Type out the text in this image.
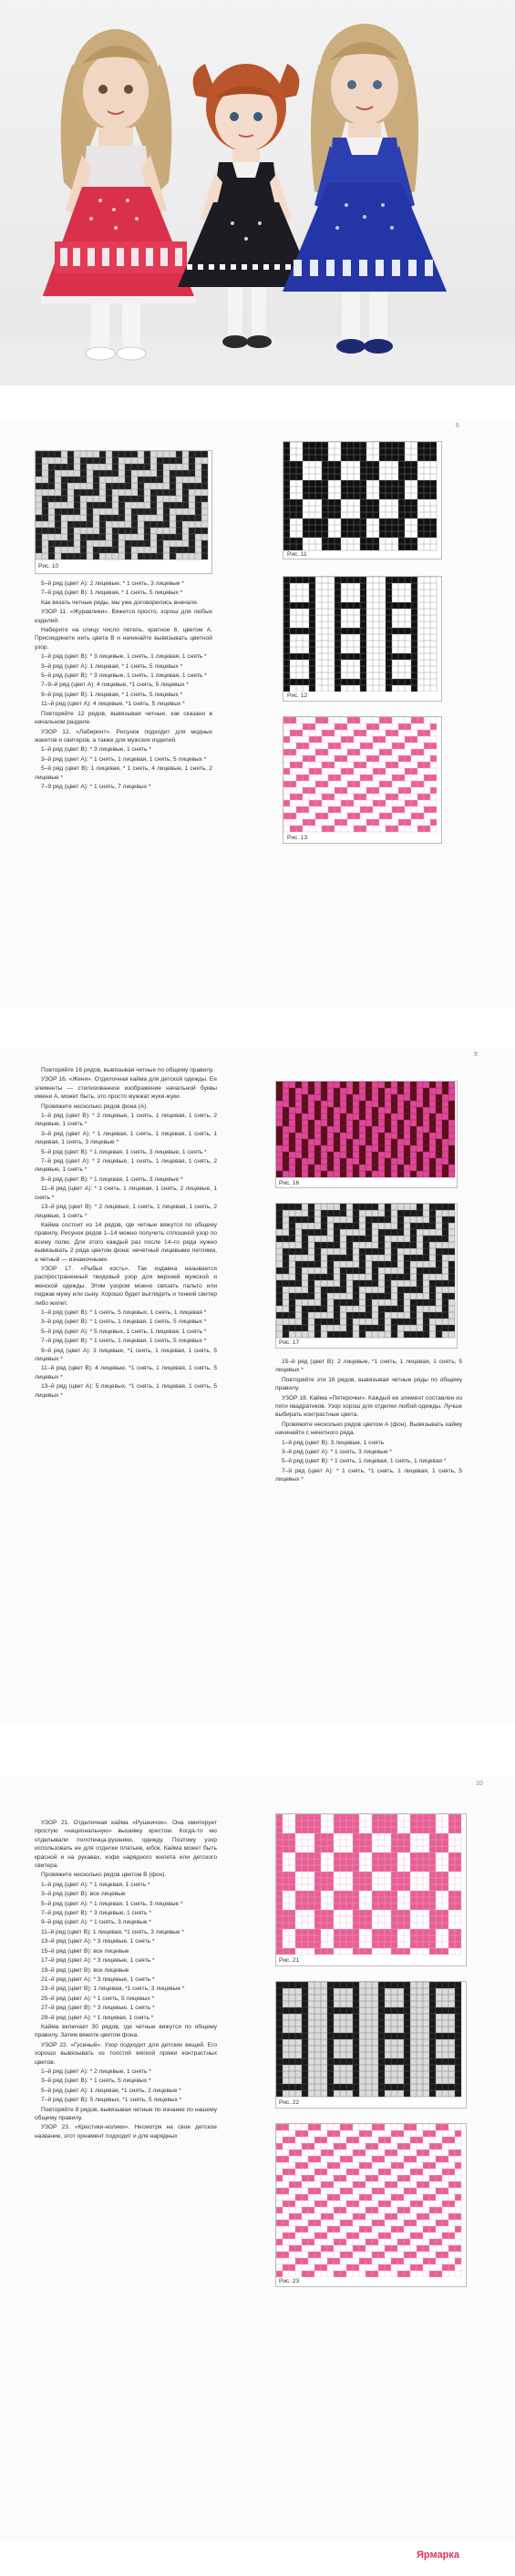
6
Рис. 10

5–й ряд (цвет А): 2 лицевые, * 1 снять, 3 лицевые *

7–й ряд (цвет В): 1 лицевая, * 1 снять, 5 лицевых *

Как вязать четные ряды, мы уже договорились вначале.

УЗОР 11. «Журавлики». Вяжется просто, хорош для любых изделий.

Наберите на спицу число петель, кратное 6, цветом А. Присоедините нить цвета В и начинайте вывязывать цветной узор.

1–й ряд (цвет В): * 3 лицевые, 1 снять, 1 лицевая, 1 снять *

3–й ряд (цвет А): 1 лицевая, * 1 снять, 5 лицевых *

5–й ряд (цвет В): * 3 лицевые, 1 снять, 1 лицевая, 1 снять *

7–9–й ряд (цвет А): 4 лицевые, *1 снять, 5 лицевых *

9–й ряд (цвет В): 1 лицевая, * 1 снять, 5 лицевых *

11–й ряд (цвет А): 4 лицевые, *1 снять, 5 лицевых *

Повторяйте 12 рядов, вывязывая четные, как сказано в начальном разделе.

УЗОР 12. «Лабиринт». Рисунок подходит для модных жакетов и свитеров, а также для мужских изделий.

1–й ряд (цвет В): * 3 лицевые, 1 снять *

3–й ряд (цвет А): * 1 снять, 1 лицевая, 1 снять, 5 лицевых *

5–й ряд (цвет В): 1 лицевая, * 1 снять, 4 лицевые, 1 снять, 2 лицевые *

7–9 ряд (цвет А): * 1 снять, 7 лицевых *

Рис. 11
Рис. 12
Рис. 13
9

Повторяйте 16 рядов, вывязывая четные по общему правилу.

УЗОР 16. «Женя». Отделочная кайма для детской одежды. Ее элементы — стилизованное изображение начальной буквы имени А, может быть, это просто жужжат жуки-жуки.

Провяжите несколько рядов фона (А).

1–й ряд (цвет В): * 2 лицевые, 1 снять, 1 лицевая, 1 снять, 2 лицевые, 1 снять *

3–й ряд (цвет А): * 1 лицевая, 1 снять, 1 лицевая, 1 снять, 1 лицевая, 1 снять, 3 лицевые *

5–й ряд (цвет В): * 1 лицевая, 1 снять, 3 лицевые, 1 снять *

7–й ряд (цвет А): * 2 лицевые, 1 снять, 1 лицевая, 1 снять, 2 лицевые, 1 снять *

9–й ряд (цвет В): * 1 лицевая, 1 снять, 3 лицевые *

11–й ряд (цвет А): * 1 снять, 1 лицевая, 1 снять, 2 лицевые, 1 снять *

13–й ряд (цвет В): * 2 лицевые, 1 снять, 1 лицевая, 1 снять, 2 лицевые, 1 снять *

Кайма состоит из 14 рядов, где четные вяжутся по общему правилу. Рисунок рядов 1–14 можно получить сплошной узор по всему полю. Для этого каждый раз после 14–го ряда нужно вывязывать 2 ряда цветом фона: нечетный лицевыми петлями, а четный — изнаночными.

УЗОР 17. «Рыбья кость». Так издавна называется распространенный твидовый узор для верхней мужской и женской одежды. Этим узором можно связать пальто или пиджак мужу или сыну. Хорошо будет выглядеть и тонкий свитер либо жилет.

1–й ряд (цвет В): * 1 снять, 5 лицевых, 1 снять, 1 лицевая *

3–й ряд (цвет В): * 1 снять, 1 лицевая, 1 снять, 5 лицевых *

5–й ряд (цвет А): * 5 лицевых, 1 снять, 1 лицевая, 1 снять *

7–й ряд (цвет В): * 1 снять, 1 лицевая, 1 снять, 5 лицевых *

9–й ряд (цвет А): 3 лицевые, *1 снять, 1 лицевая, 1 снять, 5 лицевых *

11–й ряд (цвет В): 4 лицевые, *1 снять, 1 лицевая, 1 снять, 5 лицевых *

13–й ряд (цвет А): 5 лицевых, *1 снять, 1 лицевая, 1 снять, 5 лицевых *

Рис. 16
Рис. 17

15–й ряд (цвет В): 2 лицевые, *1 снять, 1 лицевая, 1 снять, 5 лицевых *

Повторяйте эти 16 рядов, вывязывая четные ряды по общему правилу.

УЗОР 18. Кайма «Пятерочки». Каждый ее элемент составлен из пяти квадратиков. Узор хорош для отделки любой одежды. Лучше выбирать контрастные цвета.

Провяжите несколько рядов цветом А (фон). Вывязывать кайму начинайте с нечетного ряда.

1–й ряд (цвет В): 3 лицевые, 1 снять

3–й ряд (цвет А): * 1 снять, 3 лицевые *

5–й ряд (цвет В): * 1 снять, 1 лицевая, 1 снять, 1 лицевая *

7–й ряд (цвет А): * 1 снять, *1 снять, 1 лицевая, 1 снять, 5 лицевых *

10

УЗОР 21. Отделочная кайма «Рушничок». Она имитирует простую «национальную» вышивку крестом. Когда-то ею отделывали полотенца-рушники, одежду. Поэтому узор использовать ее для отделки платьев, юбок. Кайма может быть красной и на рукавах, кофе нарядного жилета или детского свитера.

Провяжите несколько рядов цветом В (фон).

1–й ряд (цвет А): * 1 лицевая, 1 снять *

3–й ряд (цвет В): все лицевые

5–й ряд (цвет А): * 1 лицевая, 1 снять, 3 лицевые *

7–й ряд (цвет В): * 3 лицевые, 1 снять *

9–й ряд (цвет А): * 1 снять, 3 лицевые *

11–й ряд (цвет В): 1 лицевая, *1 снять, 3 лицевые *

13–й ряд (цвет А): * 3 лицевые, 1 снять *

15–й ряд (цвет В): все лицевые

17–й ряд (цвет А): * 3 лицевые, 1 снять *

19–й ряд (цвет В): все лицевые

21–й ряд (цвет А): * 3 лицевые, 1 снять *

23–й ряд (цвет В): 1 лицевая, *1 снять, 3 лицевые *

25–й ряд (цвет А): * 1 снять, 5 лицевых *

27–й ряд (цвет В): * 3 лицевые, 1 снять *

29–й ряд (цвет А): * 1 лицевая, 1 снять *

Кайма включает 30 рядов, где четные вяжутся по общему правилу. Затем вяжите цветом фона.

УЗОР 22. «Гусиный». Узор подходит для детских вещей. Его хорошо вывязывать из толстой мягкой пряжи контрастных цветов.

1–й ряд (цвет А): * 2 лицевые, 1 снять *

3–й ряд (цвет В): * 1 снять, 5 лицевых *

5–й ряд (цвет А): 1 лицевая, *1 снять, 2 лицевые *

7–й ряд (цвет В): 5 лицевых, *1 снять, 5 лицевых *

Повторяйте 8 рядов, вывязывая четные по изнанке по нашему общему правилу.

УЗОР 23. «Крестики-нолики». Несмотря на свое детское название, этот орнамент подходит и для нарядных

Рис. 21
Рис. 22
Рис. 23
Ярмарка
